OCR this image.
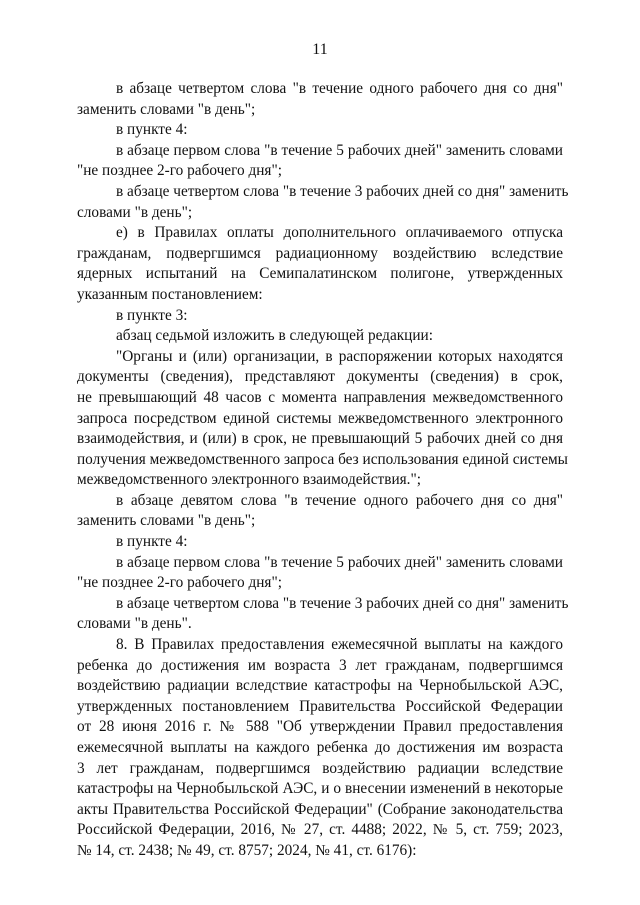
11
в абзаце четвертом слова "в течение одного рабочего дня со дня"
заменить словами "в день";
в пункте 4:
в абзаце первом слова "в течение 5 рабочих дней" заменить словами
"не позднее 2-го рабочего дня";
в абзаце четвертом слова "в течение 3 рабочих дней со дня" заменить
словами "в день";
е) в Правилах оплаты дополнительного оплачиваемого отпуска
гражданам, подвергшимся радиационному воздействию вследствие
ядерных испытаний на Семипалатинском полигоне, утвержденных
указанным постановлением:
в пункте 3:
абзац седьмой изложить в следующей редакции:
"Органы и (или) организации, в распоряжении которых находятся
документы (сведения), представляют документы (сведения) в срок,
не превышающий 48 часов с момента направления межведомственного
запроса посредством единой системы межведомственного электронного
взаимодействия, и (или) в срок, не превышающий 5 рабочих дней со дня
получения межведомственного запроса без использования единой системы
межведомственного электронного взаимодействия.";
в абзаце девятом слова "в течение одного рабочего дня со дня"
заменить словами "в день";
в пункте 4:
в абзаце первом слова "в течение 5 рабочих дней" заменить словами
"не позднее 2-го рабочего дня";
в абзаце четвертом слова "в течение 3 рабочих дней со дня" заменить
словами "в день".
8. В Правилах предоставления ежемесячной выплаты на каждого
ребенка до достижения им возраста 3 лет гражданам, подвергшимся
воздействию радиации вследствие катастрофы на Чернобыльской АЭС,
утвержденных постановлением Правительства Российской Федерации
от 28 июня 2016 г. № 588 "Об утверждении Правил предоставления
ежемесячной выплаты на каждого ребенка до достижения им возраста
3 лет гражданам, подвергшимся воздействию радиации вследствие
катастрофы на Чернобыльской АЭС, и о внесении изменений в некоторые
акты Правительства Российской Федерации" (Собрание законодательства
Российской Федерации, 2016, № 27, ст. 4488; 2022, № 5, ст. 759; 2023,
№ 14, ст. 2438; № 49, ст. 8757; 2024, № 41, ст. 6176):
